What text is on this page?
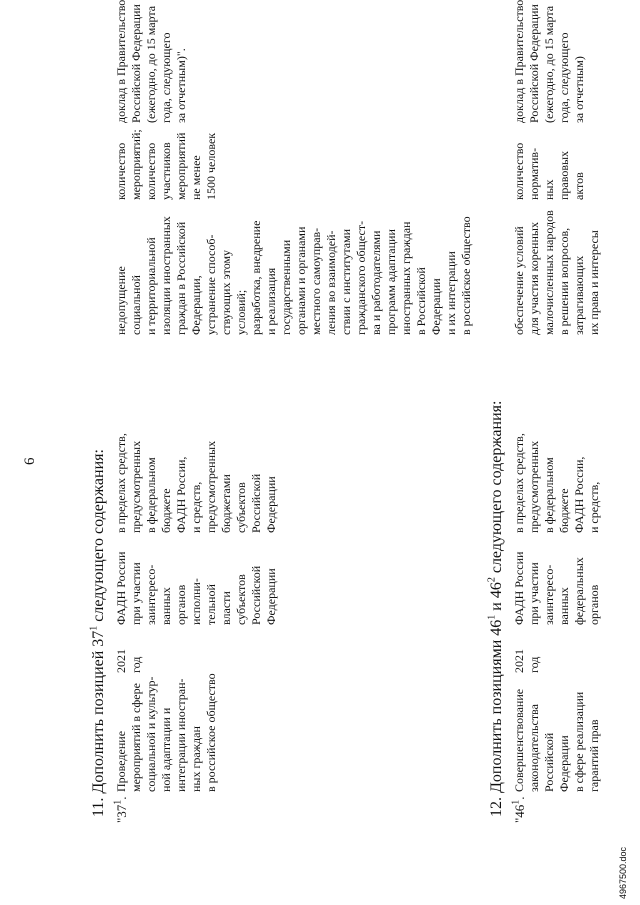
6
11. Дополнить позицией $37^1$ следующего содержания:
"$37^1$.
Проведение мероприятий в сфере социальной и культур- ной адаптации и интеграции иностран- ных граждан в российское общество
2021 год
ФАДН России при участии заинтересо- ванных органов исполни- тельной власти субъектов Российской Федерации
в пределах средств, предусмотренных в федеральном бюджете ФАДН России, и средств, предусмотренных бюджетами субъектов Российской Федерации
недопущение социальной и территориальной изоляции иностранных граждан в Российской Федерации, устранение способ- ствующих этому условий; разработка, внедрение и реализация государственными органами и органами местного самоуправ- ления во взаимодей- ствии с институтами гражданского общест- ва и работодателями программ адаптации иностранных граждан в Российской Федерации и их интеграции в российское общество
количество мероприятий; количество участников мероприятий не менее 1500 человек
доклад в Правительство Российской Федерации (ежегодно, до 15 марта года, следующего за отчетным)".
12. Дополнить позициями $46^1$ и $46^2$ следующего содержания:
"$46^1$.
Совершенствование законодательства Российской Федерации в сфере реализации гарантий прав
2021 год
ФАДН России при участии заинтересо- ванных федеральных органов
в пределах средств, предусмотренных в федеральном бюджете ФАДН России, и средств,
обеспечение условий для участия коренных малочисленных народов в решении вопросов, затрагивающих их права и интересы
количество норматив- ных правовых актов
доклад в Правительство Российской Федерации (ежегодно, до 15 марта года, следующего за отчетным)
4967500.doc
